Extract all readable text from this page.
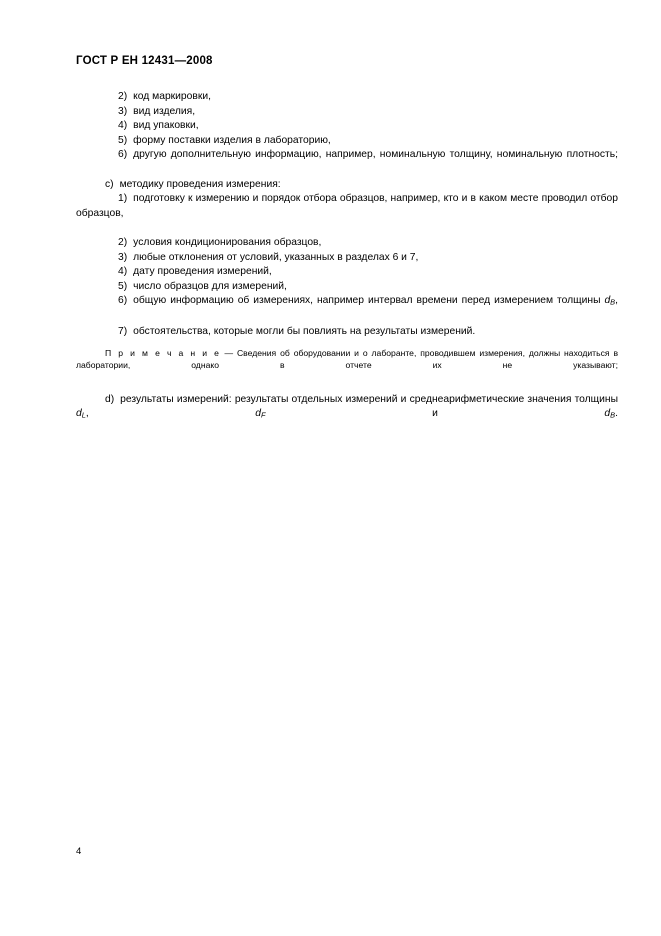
ГОСТ Р ЕН 12431—2008

2) код маркировки,

3) вид изделия,

4) вид упаковки,

5) форму поставки изделия в лабораторию,

6) другую дополнительную информацию, например, номинальную толщину, номинальную плотность;

c) методику проведения измерения:

1) подготовку к измерению и порядок отбора образцов, например, кто и в каком месте проводил отбор образцов,

2) условия кондиционирования образцов,

3) любые отклонения от условий, указанных в разделах 6 и 7,

4) дату проведения измерений,

5) число образцов для измерений,

6) общую информацию об измерениях, например интервал времени перед измерением толщины $d_B$,

7) обстоятельства, которые могли бы повлиять на результаты измерений.

П р и м е ч а н и е — Сведения об оборудовании и о лаборанте, проводившем измерения, должны находиться в лаборатории, однако в отчете их не указывают;

d) результаты измерений: результаты отдельных измерений и среднеарифметические значения толщины $d_L$, $d_F$ и $d_B$.

4
